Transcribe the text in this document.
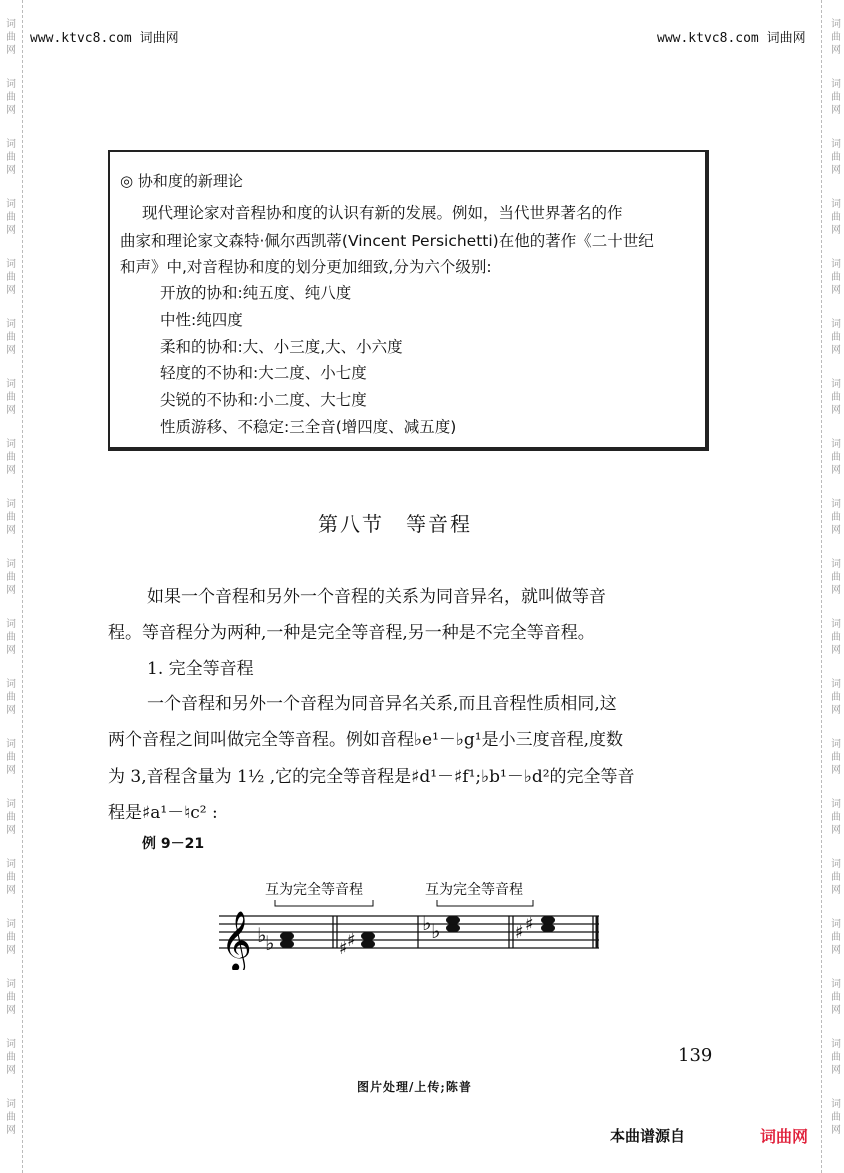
词
曲
网
词
曲
网
词
曲
网
词
曲
网
词
曲
网
词
曲
网
词
曲
网
词
曲
网
词
曲
网
词
曲
网
词
曲
网
词
曲
网
词
曲
网
词
曲
网
词
曲
网
词
曲
网
词
曲
网
词
曲
网
词
曲
网
词
曲
网
词
曲
网
词
曲
网
词
曲
网
词
曲
网
词
曲
网
词
曲
网
词
曲
网
词
曲
网
词
曲
网
词
曲
网
词
曲
网
词
曲
网
词
曲
网
词
曲
网
词
曲
网
词
曲
网
词
曲
网
词
曲
网
www.ktvc8.com 词曲网	www.ktvc8.com 词曲网
◎ 协和度的新理论
现代理论家对音程协和度的认识有新的发展。例如，当代世界著名的作
曲家和理论家文森特·佩尔西凯蒂(Vincent Persichetti)在他的著作《二十世纪
和声》中,对音程协和度的划分更加细致,分为六个级别:
开放的协和:纯五度、纯八度
中性:纯四度
柔和的协和:大、小三度,大、小六度
轻度的不协和:大二度、小七度
尖锐的不协和:小二度、大七度
性质游移、不稳定:三全音(增四度、减五度)
第八节　等音程
如果一个音程和另外一个音程的关系为同音异名，就叫做等音
程。等音程分为两种,一种是完全等音程,另一种是不完全等音程。
1. 完全等音程
一个音程和另外一个音程为同音异名关系,而且音程性质相同,这
两个音程之间叫做完全等音程。例如音程♭e¹－♭g¹是小三度音程,度数
为 3,音程含量为 1½ ,它的完全等音程是♯d¹－♯f¹;♭b¹－♭d²的完全等音
程是♯a¹－♮c² :
例 9－21
互为完全等音程	互为完全等音程
𝄞 ♭
♭
♯ ♯
♭ ♭	♯ ♯
139
图片处理/上传;陈普
本曲谱源自	词曲网
